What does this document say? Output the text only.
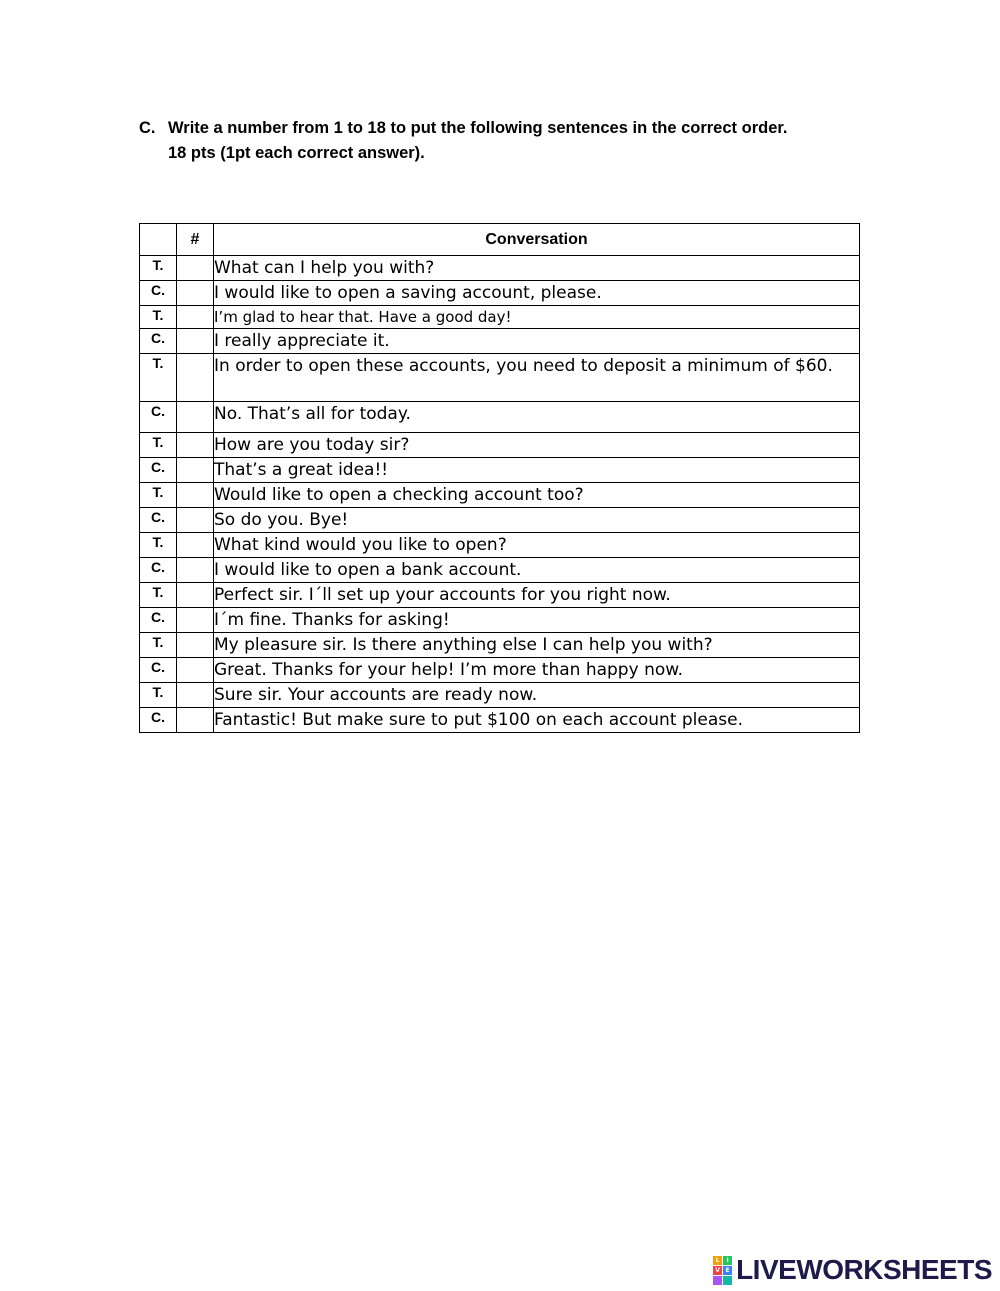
C. Write a number from 1 to 18 to put the following sentences in the correct order.
18 pts (1pt each correct answer).
	#	Conversation
T.		What can I help you with?
C.		I would like to open a saving account, please.
T.		I’m glad to hear that. Have a good day!
C.		I really appreciate it.
T.		In order to open these accounts, you need to deposit a minimum of $60.
C.		No. That’s all for today.
T.		How are you today sir?
C.		That’s a great idea!!
T.		Would like to open a checking account too?
C.		So do you. Bye!
T.		What kind would you like to open?
C.		I would like to open a bank account.
T.		Perfect sir. I´ll set up your accounts for you right now.
C.		I´m fine. Thanks for asking!
T.		My pleasure sir. Is there anything else I can help you with?
C.		Great. Thanks for your help! I’m more than happy now.
T.		Sure sir. Your accounts are ready now.
C.		Fantastic! But make sure to put $100 on each account please.
L	I
V E LIVEWORKSHEETS
